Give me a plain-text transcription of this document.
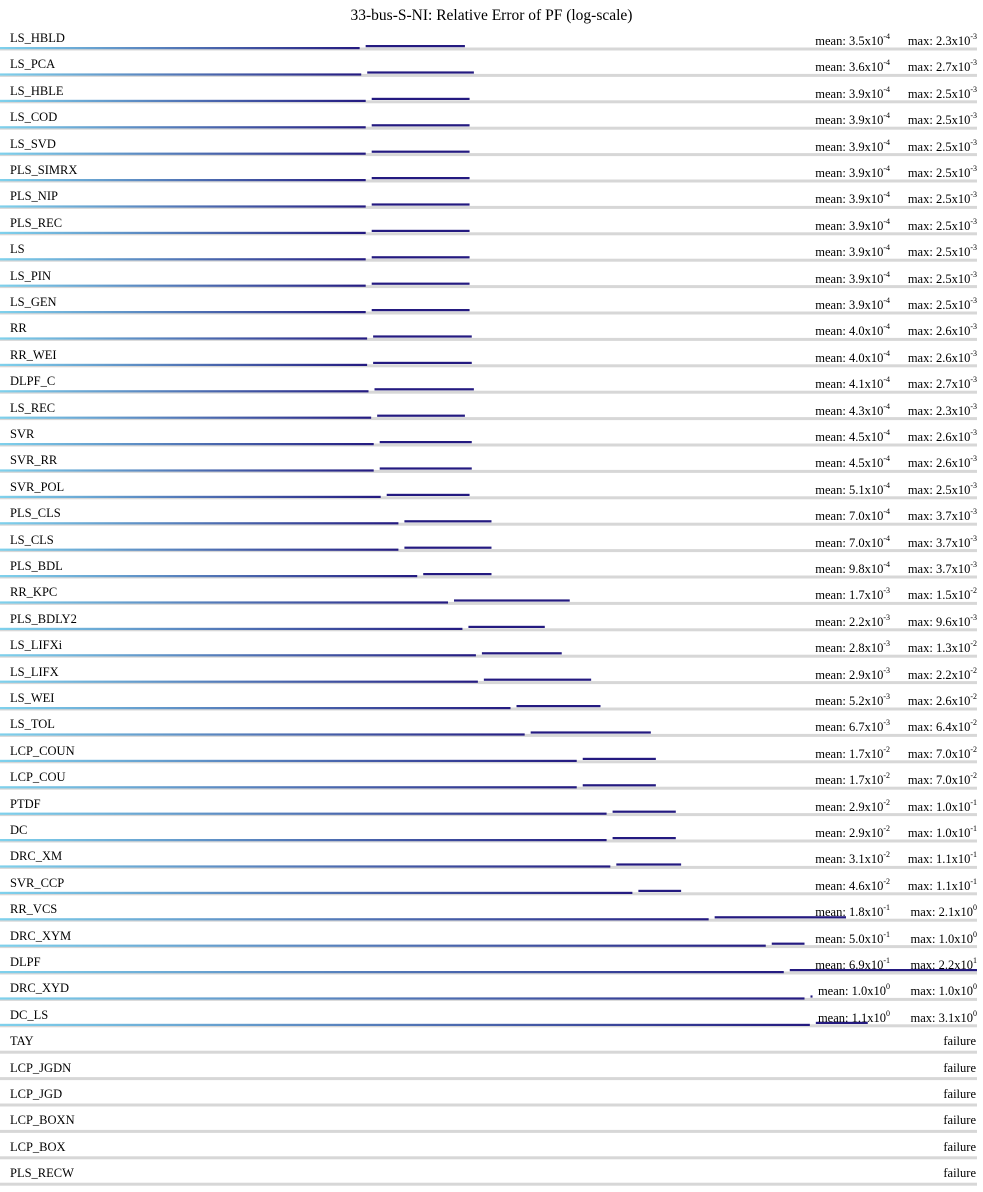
33-bus-S-NI: Relative Error of PF (log-scale)
LS_HBLD	mean: $3.5x10^{-4}$ max: $2.3x10^{-3}$
LS_PCA	mean: $3.6x10^{-4}$ max: $2.7x10^{-3}$
LS_HBLE	mean: $3.9x10^{-4}$ max: $2.5x10^{-3}$
LS_COD	mean: $3.9x10^{-4}$ max: $2.5x10^{-3}$
LS_SVD	mean: $3.9x10^{-4}$ max: $2.5x10^{-3}$
PLS_SIMRX	mean: $3.9x10^{-4}$ max: $2.5x10^{-3}$
PLS_NIP	mean: $3.9x10^{-4}$ max: $2.5x10^{-3}$
PLS_REC	mean: $3.9x10^{-4}$ max: $2.5x10^{-3}$
LS	mean: $3.9x10^{-4}$ max: $2.5x10^{-3}$
LS_PIN	mean: $3.9x10^{-4}$ max: $2.5x10^{-3}$
LS_GEN	mean: $3.9x10^{-4}$ max: $2.5x10^{-3}$
RR	mean: $4.0x10^{-4}$ max: $2.6x10^{-3}$
RR_WEI	mean: $4.0x10^{-4}$ max: $2.6x10^{-3}$
DLPF_C	mean: $4.1x10^{-4}$ max: $2.7x10^{-3}$
LS_REC	mean: $4.3x10^{-4}$ max: $2.3x10^{-3}$
SVR	mean: $4.5x10^{-4}$ max: $2.6x10^{-3}$
SVR_RR	mean: $4.5x10^{-4}$ max: $2.6x10^{-3}$
SVR_POL	mean: $5.1x10^{-4}$ max: $2.5x10^{-3}$
PLS_CLS	mean: $7.0x10^{-4}$ max: $3.7x10^{-3}$
LS_CLS	mean: $7.0x10^{-4}$ max: $3.7x10^{-3}$
PLS_BDL	mean: $9.8x10^{-4}$ max: $3.7x10^{-3}$
RR_KPC	mean: $1.7x10^{-3}$ max: $1.5x10^{-2}$
PLS_BDLY2	mean: $2.2x10^{-3}$ max: $9.6x10^{-3}$
LS_LIFXi	mean: $2.8x10^{-3}$ max: $1.3x10^{-2}$
LS_LIFX	mean: $2.9x10^{-3}$ max: $2.2x10^{-2}$
LS_WEI	mean: $5.2x10^{-3}$ max: $2.6x10^{-2}$
LS_TOL	mean: $6.7x10^{-3}$ max: $6.4x10^{-2}$
LCP_COUN	mean: $1.7x10^{-2}$ max: $7.0x10^{-2}$
LCP_COU	mean: $1.7x10^{-2}$ max: $7.0x10^{-2}$
PTDF	mean: $2.9x10^{-2}$ max: $1.0x10^{-1}$
DC	mean: $2.9x10^{-2}$ max: $1.0x10^{-1}$
DRC_XM	mean: $3.1x10^{-2}$ max: $1.1x10^{-1}$
SVR_CCP	mean: $4.6x10^{-2}$ max: $1.1x10^{-1}$
RR_VCS	mean: $1.8x10^{-1}$ max: $2.1x10^0$
DRC_XYM	mean: $5.0x10^{-1}$ max: $1.0x10^0$
DLPF	mean: $6.9x10^{-1}$ max: $2.2x10^1$
DRC_XYD	mean: $1.0x10^0$ max: $1.0x10^0$
DC_LS	mean: $1.1x10^0$ max: $3.1x10^0$
TAY	failure
LCP_JGDN	failure
LCP_JGD	failure
LCP_BOXN	failure
LCP_BOX	failure
PLS_RECW	failure
